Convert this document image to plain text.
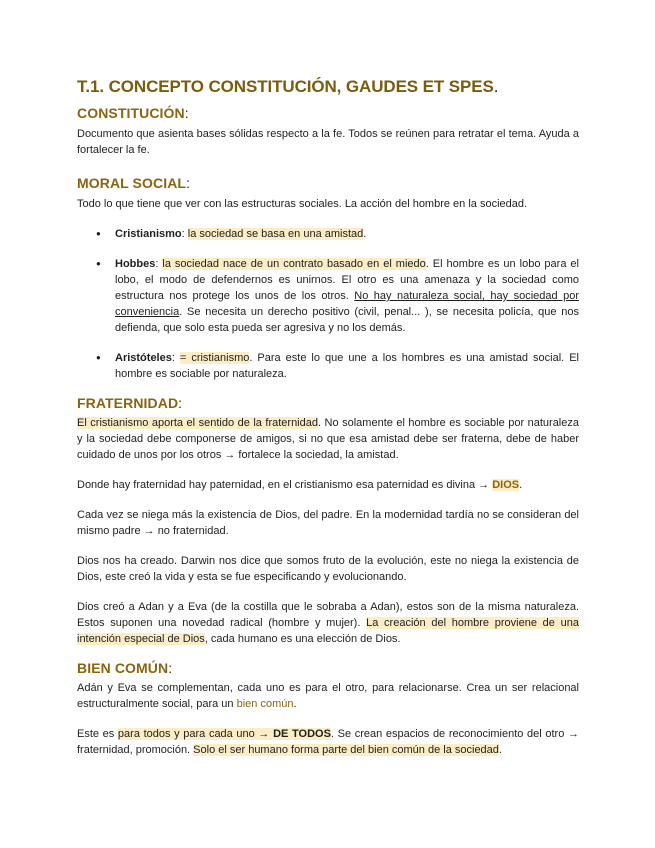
T.1. CONCEPTO CONSTITUCIÓN, GAUDES ET SPES.
CONSTITUCIÓN:

Documento que asienta bases sólidas respecto a la fe. Todos se reúnen para retratar el tema. Ayuda a fortalecer la fe.

MORAL SOCIAL:

Todo lo que tiene que ver con las estructuras sociales. La acción del hombre en la sociedad.

● Cristianismo: la sociedad se basa en una amistad.
● Hobbes: la sociedad nace de un contrato basado en el miedo. El hombre es un lobo para el lobo, el modo de defendernos es unirnos. El otro es una amenaza y la sociedad como estructura nos protege los unos de los otros. No hay naturaleza social, hay sociedad por conveniencia. Se necesita un derecho positivo (civil, penal... ), se necesita policía, que nos defienda, que solo esta pueda ser agresiva y no los demás.
● Aristóteles: = cristianismo. Para este lo que une a los hombres es una amistad social. El hombre es sociable por naturaleza.
FRATERNIDAD:

El cristianismo aporta el sentido de la fraternidad. No solamente el hombre es sociable por naturaleza y la sociedad debe componerse de amigos, si no que esa amistad debe ser fraterna, debe de haber cuidado de unos por los otros → fortalece la sociedad, la amistad.

Donde hay fraternidad hay paternidad, en el cristianismo esa paternidad es divina → DIOS.

Cada vez se niega más la existencia de Dios, del padre. En la modernidad tardía no se consideran del mismo padre → no fraternidad.

Dios nos ha creado. Darwin nos dice que somos fruto de la evolución, este no niega la existencia de Dios, este creó la vida y esta se fue especificando y evolucionando.

Dios creó a Adan y a Eva (de la costilla que le sobraba a Adan), estos son de la misma naturaleza. Estos suponen una novedad radical (hombre y mujer). La creación del hombre proviene de una intención especial de Dios, cada humano es una elección de Dios.

BIEN COMÚN:

Adán y Eva se complementan, cada uno es para el otro, para relacionarse. Crea un ser relacional estructuralmente social, para un bien común.

Este es para todos y para cada uno → DE TODOS. Se crean espacios de reconocimiento del otro → fraternidad, promoción. Solo el ser humano forma parte del bien común de la sociedad.
